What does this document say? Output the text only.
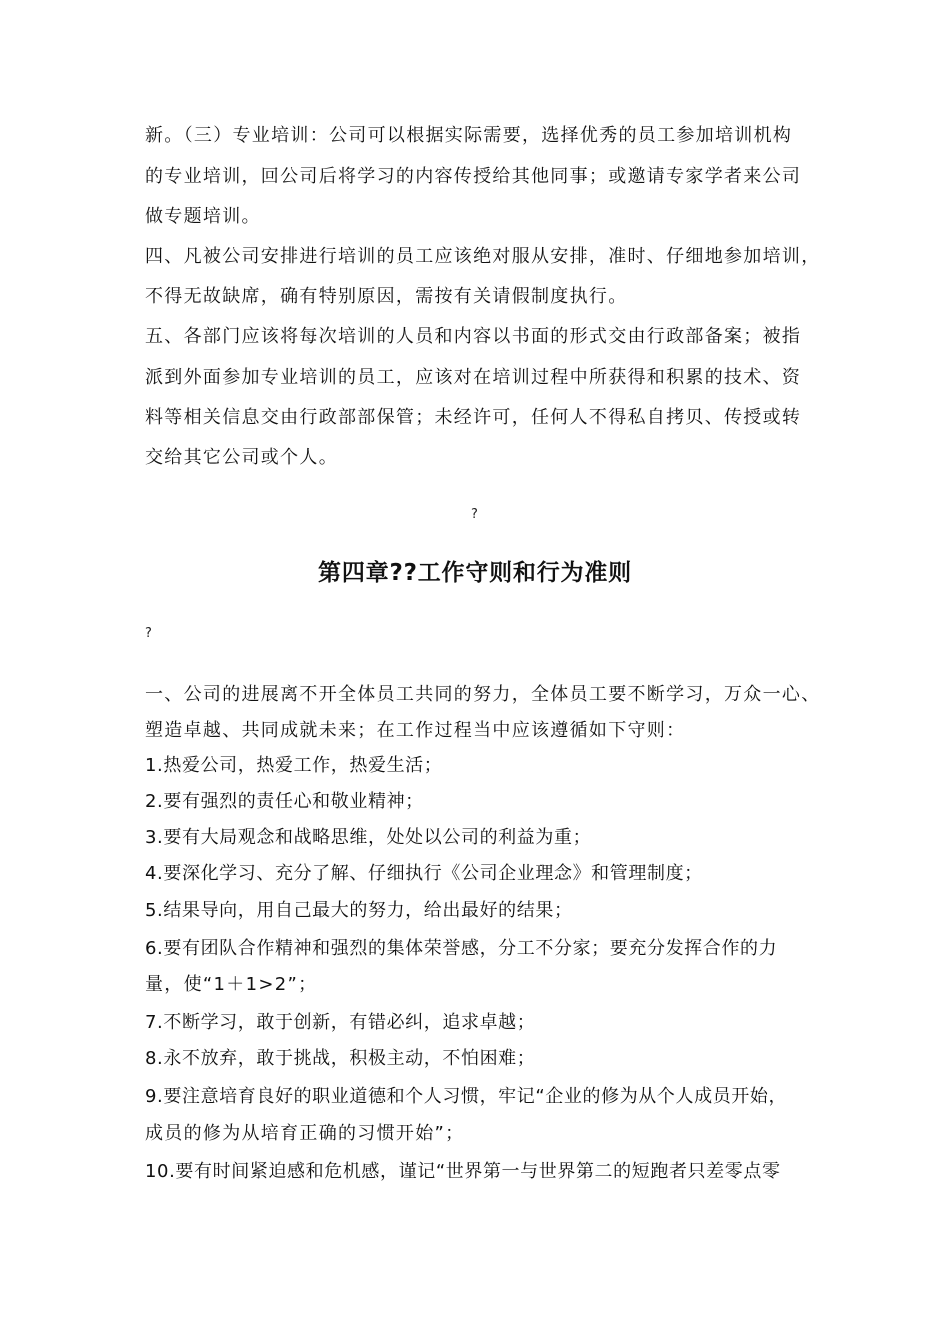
新。（三）专业培训：公司可以根据实际需要，选择优秀的员工参加培训机构
的专业培训，回公司后将学习的内容传授给其他同事；或邀请专家学者来公司
做专题培训。
四、凡被公司安排进行培训的员工应该绝对服从安排，准时、仔细地参加培训，
不得无故缺席，确有特别原因，需按有关请假制度执行。
五、各部门应该将每次培训的人员和内容以书面的形式交由行政部备案；被指
派到外面参加专业培训的员工，应该对在培训过程中所获得和积累的技术、资
料等相关信息交由行政部部保管；未经许可，任何人不得私自拷贝、传授或转
交给其它公司或个人。
?
第四章??工作守则和行为准则
?
一、公司的进展离不开全体员工共同的努力，全体员工要不断学习，万众一心、
塑造卓越、共同成就未来；在工作过程当中应该遵循如下守则：
1.热爱公司，热爱工作，热爱生活；
2.要有强烈的责任心和敬业精神；
3.要有大局观念和战略思维，处处以公司的利益为重；
4.要深化学习、充分了解、仔细执行《公司企业理念》和管理制度；
5.结果导向，用自己最大的努力，给出最好的结果；
6.要有团队合作精神和强烈的集体荣誉感，分工不分家；要充分发挥合作的力
量，使“1＋1>2”；
7.不断学习，敢于创新，有错必纠，追求卓越；
8.永不放弃，敢于挑战，积极主动，不怕困难；
9.要注意培育良好的职业道德和个人习惯，牢记“企业的修为从个人成员开始，
成员的修为从培育正确的习惯开始”；
10.要有时间紧迫感和危机感，谨记“世界第一与世界第二的短跑者只差零点零
